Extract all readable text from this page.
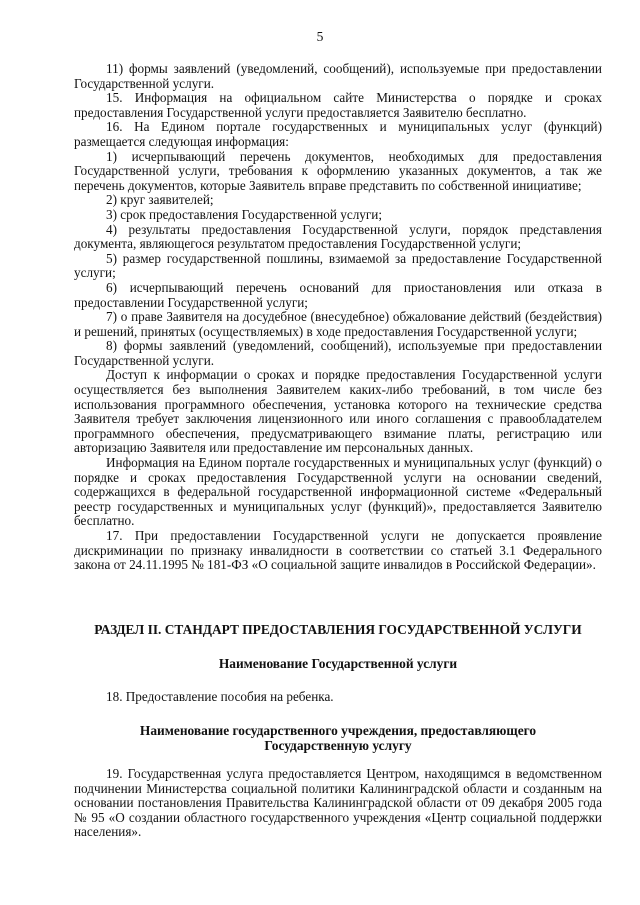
5

11) формы заявлений (уведомлений, сообщений), используемые при предоставлении Государственной услуги.

15. Информация на официальном сайте Министерства о порядке и сроках предоставления Государственной услуги предоставляется Заявителю бесплатно.

16. На Едином портале государственных и муниципальных услуг (функций) размещается следующая информация:

1) исчерпывающий перечень документов, необходимых для предоставления Государственной услуги, требования к оформлению указанных документов, а так же перечень документов, которые Заявитель вправе представить по собственной инициативе;

2) круг заявителей;

3) срок предоставления Государственной услуги;

4) результаты предоставления Государственной услуги, порядок представления документа, являющегося результатом предоставления Государственной услуги;

5) размер государственной пошлины, взимаемой за предоставление Государственной услуги;

6) исчерпывающий перечень оснований для приостановления или отказа в предоставлении Государственной услуги;

7) о праве Заявителя на досудебное (внесудебное) обжалование действий (бездействия) и решений, принятых (осуществляемых) в ходе предоставления Государственной услуги;

8) формы заявлений (уведомлений, сообщений), используемые при предоставлении Государственной услуги.

Доступ к информации о сроках и порядке предоставления Государственной услуги осуществляется без выполнения Заявителем каких-либо требований, в том числе без использования программного обеспечения, установка которого на технические средства Заявителя требует заключения лицензионного или иного соглашения с правообладателем программного обеспечения, предусматривающего взимание платы, регистрацию или авторизацию Заявителя или предоставление им персональных данных.

Информация на Едином портале государственных и муниципальных услуг (функций) о порядке и сроках предоставления Государственной услуги на основании сведений, содержащихся в федеральной государственной информационной системе «Федеральный реестр государственных и муниципальных услуг (функций)», предоставляется Заявителю бесплатно.

17. При предоставлении Государственной услуги не допускается проявление дискриминации по признаку инвалидности в соответствии со статьей 3.1 Федерального закона от 24.11.1995 № 181-ФЗ «О социальной защите инвалидов в Российской Федерации».

РАЗДЕЛ II. СТАНДАРТ ПРЕДОСТАВЛЕНИЯ ГОСУДАРСТВЕННОЙ УСЛУГИ
Наименование Государственной услуги
18. Предоставление пособия на ребенка.
Наименование государственного учреждения, предоставляющего
Государственную услугу

19. Государственная услуга предоставляется Центром, находящимся в ведомственном подчинении Министерства социальной политики Калининградской области и созданным на основании постановления Правительства Калининградской области от 09 декабря 2005 года № 95 «О создании областного государственного учреждения «Центр социальной поддержки населения».
